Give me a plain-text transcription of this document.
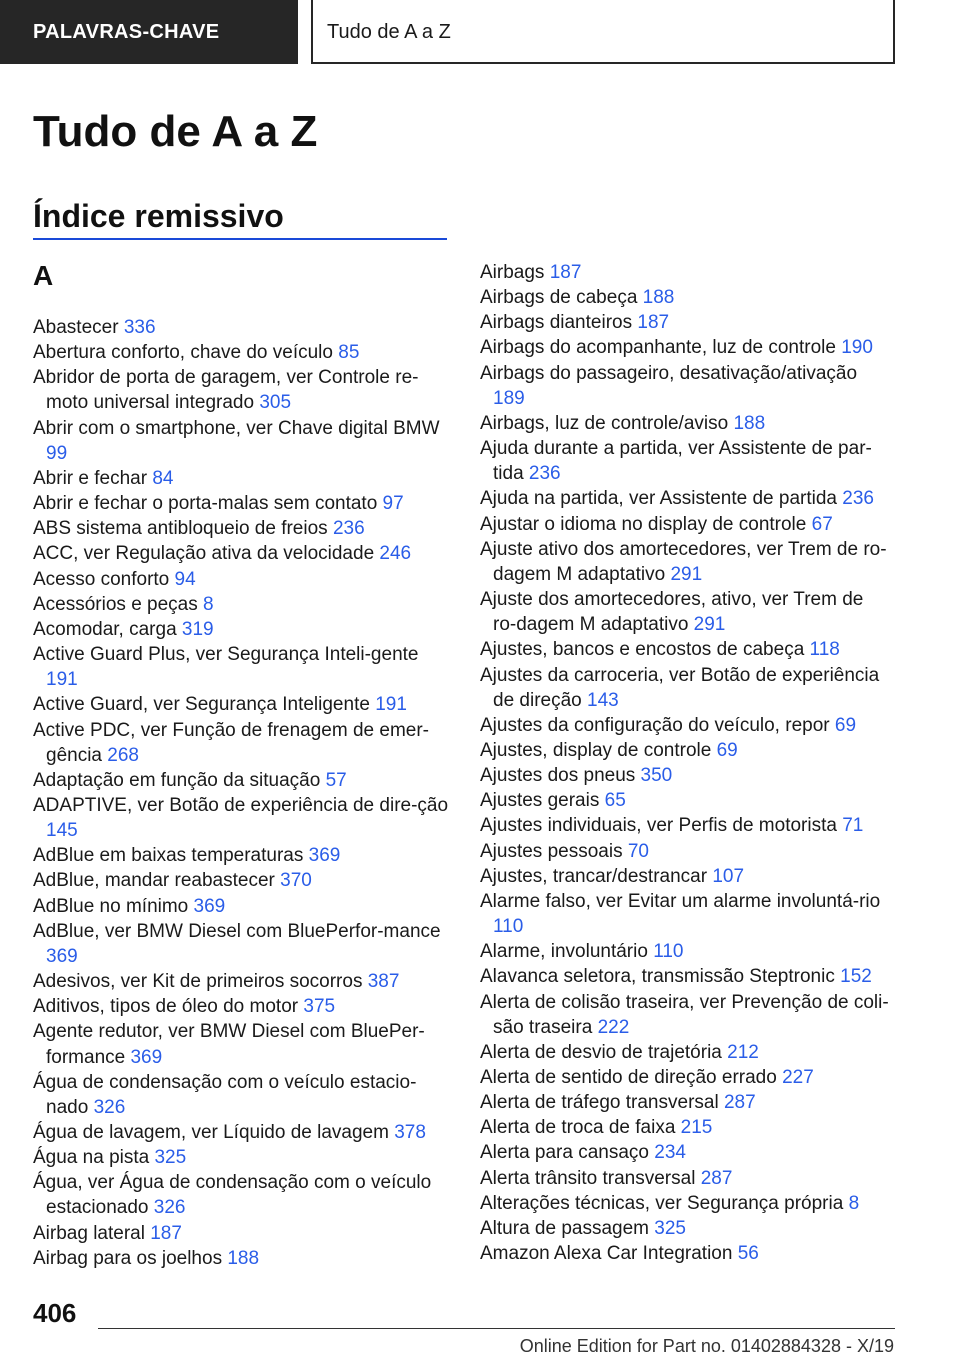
PALAVRAS-CHAVE	Tudo de A a Z
Tudo de A a Z
Índice remissivo
A
Abastecer 336
Abertura conforto, chave do veículo 85
Abridor de porta de garagem, ver Controle re-moto universal integrado 305
Abrir com o smartphone, ver Chave digital BMW 99
Abrir e fechar 84
Abrir e fechar o porta-malas sem contato 97
ABS sistema antibloqueio de freios 236
ACC, ver Regulação ativa da velocidade 246
Acesso conforto 94
Acessórios e peças 8
Acomodar, carga 319
Active Guard Plus, ver Segurança Inteli-gente 191
Active Guard, ver Segurança Inteligente 191
Active PDC, ver Função de frenagem de emer-gência 268
Adaptação em função da situação 57
ADAPTIVE, ver Botão de experiência de dire-ção 145
AdBlue em baixas temperaturas 369
AdBlue, mandar reabastecer 370
AdBlue no mínimo 369
AdBlue, ver BMW Diesel com BluePerfor-mance 369
Adesivos, ver Kit de primeiros socorros 387
Aditivos, tipos de óleo do motor 375
Agente redutor, ver BMW Diesel com BluePer-formance 369
Água de condensação com o veículo estacio-nado 326
Água de lavagem, ver Líquido de lavagem 378
Água na pista 325
Água, ver Água de condensação com o veículo estacionado 326
Airbag lateral 187
Airbag para os joelhos 188
Airbags 187
Airbags de cabeça 188
Airbags dianteiros 187
Airbags do acompanhante, luz de controle 190
Airbags do passageiro, desativação/ativação 189
Airbags, luz de controle/aviso 188
Ajuda durante a partida, ver Assistente de par-tida 236
Ajuda na partida, ver Assistente de partida 236
Ajustar o idioma no display de controle 67
Ajuste ativo dos amortecedores, ver Trem de ro-dagem M adaptativo 291
Ajuste dos amortecedores, ativo, ver Trem de ro-dagem M adaptativo 291
Ajustes, bancos e encostos de cabeça 118
Ajustes da carroceria, ver Botão de experiência de direção 143
Ajustes da configuração do veículo, repor 69
Ajustes, display de controle 69
Ajustes dos pneus 350
Ajustes gerais 65
Ajustes individuais, ver Perfis de motorista 71
Ajustes pessoais 70
Ajustes, trancar/destrancar 107
Alarme falso, ver Evitar um alarme involuntá-rio 110
Alarme, involuntário 110
Alavanca seletora, transmissão Steptronic 152
Alerta de colisão traseira, ver Prevenção de coli-são traseira 222
Alerta de desvio de trajetória 212
Alerta de sentido de direção errado 227
Alerta de tráfego transversal 287
Alerta de troca de faixa 215
Alerta para cansaço 234
Alerta trânsito transversal 287
Alterações técnicas, ver Segurança própria 8
Altura de passagem 325
Amazon Alexa Car Integration 56
406
Online Edition for Part no. 01402884328 - X/19
